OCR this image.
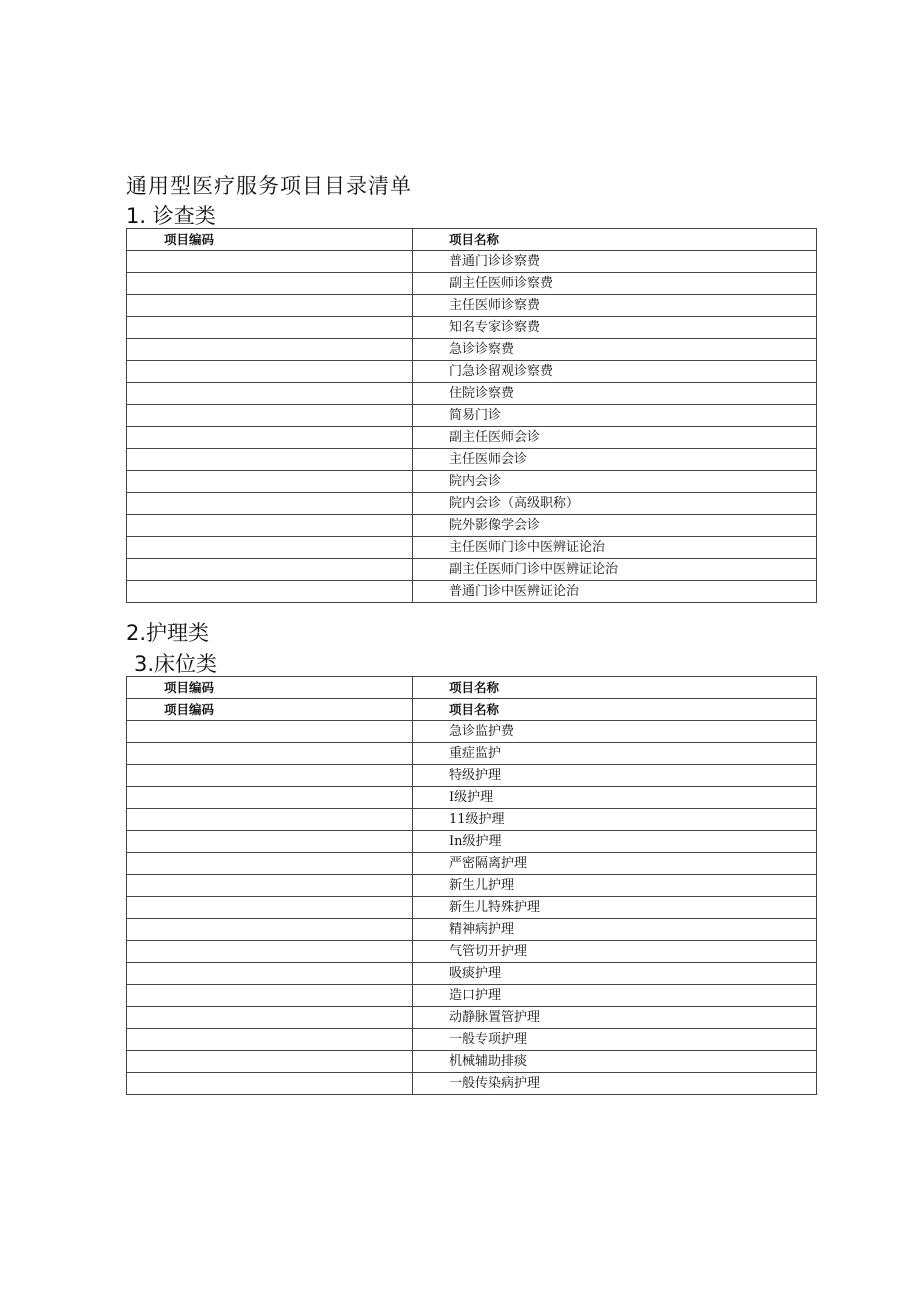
通用型医疗服务项目目录清单
1. 诊查类
项目编码	项目名称
	普通门诊诊察费
	副主任医师诊察费
	主任医师诊察费
	知名专家诊察费
	急诊诊察费
	门急诊留观诊察费
	住院诊察费
	简易门诊
	副主任医师会诊
	主任医师会诊
	院内会诊
	院内会诊（高级职称）
	院外影像学会诊
	主任医师门诊中医辨证论治
	副主任医师门诊中医辨证论治
	普通门诊中医辨证论治
2.护理类
3.床位类
项目编码	项目名称
项目编码	项目名称
	急诊监护费
	重症监护
	特级护理
	Ⅰ级护理
	11级护理
	In级护理
	严密隔离护理
	新生儿护理
	新生儿特殊护理
	精神病护理
	气管切开护理
	吸痰护理
	造口护理
	动静脉置管护理
	一般专项护理
	机械辅助排痰
	一般传染病护理
